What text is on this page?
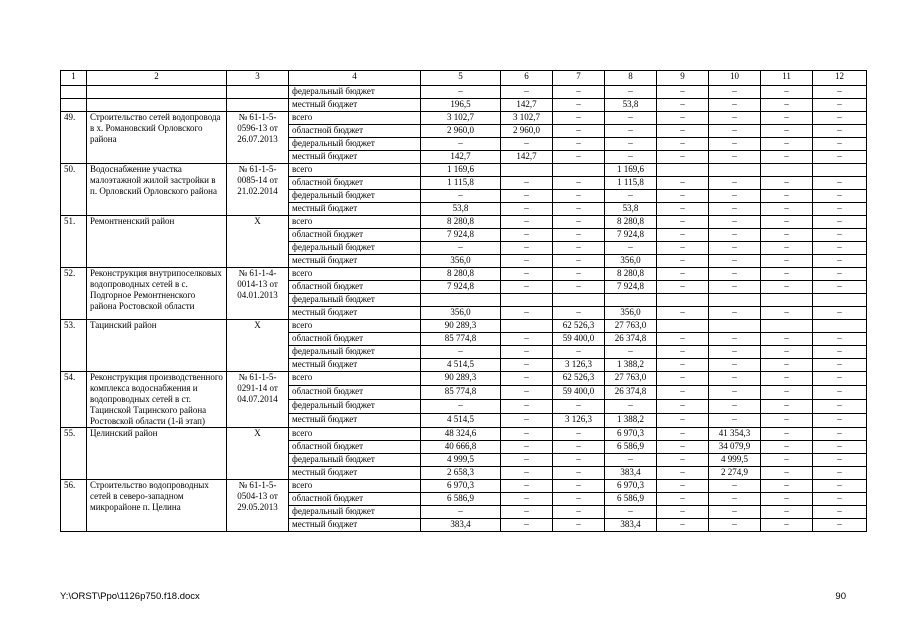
1	2	3	4	5	6	7	8	9	10	11	12
			федеральный бюджет	–	–	–	–	–	–	–	–
			местный бюджет	196,5	142,7	–	53,8	–	–	–	–
49.	Строительство сетей водопровода в х. Романовский Орловского района	№ 61-1-5-0596-13 от 26.07.2013	всего	3 102,7	3 102,7	–	–	–	–	–	–
			областной бюджет	2 960,0	2 960,0	–	–	–	–	–	–
			федеральный бюджет	–	–	–	–	–	–	–	–
			местный бюджет	142,7	142,7	–	–	–	–	–	–
50.	Водоснабжение участка малоэтажной жилой застройки в п. Орловский Орловского района	№ 61-1-5-0085-14 от 21.02.2014	всего	1 169,6			1 169,6				
			областной бюджет	1 115,8	–	–	1 115,8	–	–	–	–
			федеральный бюджет	–	–	–	–	–	–	–	–
			местный бюджет	53,8	–	–	53,8	–	–	–	–
51.	Ремонтненский район	X	всего	8 280,8	–	–	8 280,8	–	–	–	–
			областной бюджет	7 924,8	–	–	7 924,8	–	–	–	–
			федеральный бюджет	–	–	–	–	–	–	–	–
			местный бюджет	356,0	–	–	356,0	–	–	–	–
52.	Реконструкция внутрипоселковых водопроводных сетей в с. Подгорное Ремонтненского района Ростовской области	№ 61-1-4-0014-13 от 04.01.2013	всего	8 280,8	–	–	8 280,8	–	–	–	–
			областной бюджет	7 924,8	–	–	7 924,8	–	–	–	–
			федеральный бюджет								
			местный бюджет	356,0	–	–	356,0	–	–	–	–
53.	Тацинский район	X	всего	90 289,3		62 526,3	27 763,0				
			областной бюджет	85 774,8	–	59 400,0	26 374,8	–	–	–	–
			федеральный бюджет	–	–	–	–	–	–	–	–
			местный бюджет	4 514,5	–	3 126,3	1 388,2	–	–	–	–
54.	Реконструкция производственного комплекса водоснабжения и водопроводных сетей в ст. Тацинской Тацинского района Ростовской области (1-й этап)	№ 61-1-5-0291-14 от 04.07.2014	всего	90 289,3	–	62 526,3	27 763,0	–	–	–	–
			областной бюджет	85 774,8	–	59 400,0	26 374,8	–	–	–	–
			федеральный бюджет	–	–	–	–	–	–	–	–
			местный бюджет	4 514,5	–	3 126,3	1 388,2	–	–	–	–
55.	Целинский район	X	всего	48 324,6	–	–	6 970,3	–	41 354,3	–	–
			областной бюджет	40 666,8	–	–	6 586,9	–	34 079,9	–	–
			федеральный бюджет	4 999,5	–	–	–	–	4 999,5	–	–
			местный бюджет	2 658,3	–	–	383,4	–	2 274,9	–	–
56.	Строительство водопроводных сетей в северо-западном микрорайоне п. Целина	№ 61-1-5-0504-13 от 29.05.2013	всего	6 970,3	–	–	6 970,3	–	–	–	–
			областной бюджет	6 586,9	–	–	6 586,9	–	–	–	–
			федеральный бюджет	–	–	–	–	–	–	–	–
			местный бюджет	383,4	–	–	383,4	–	–	–	–
Y:\ORST\Ppo\1126p750.f18.docx	90
